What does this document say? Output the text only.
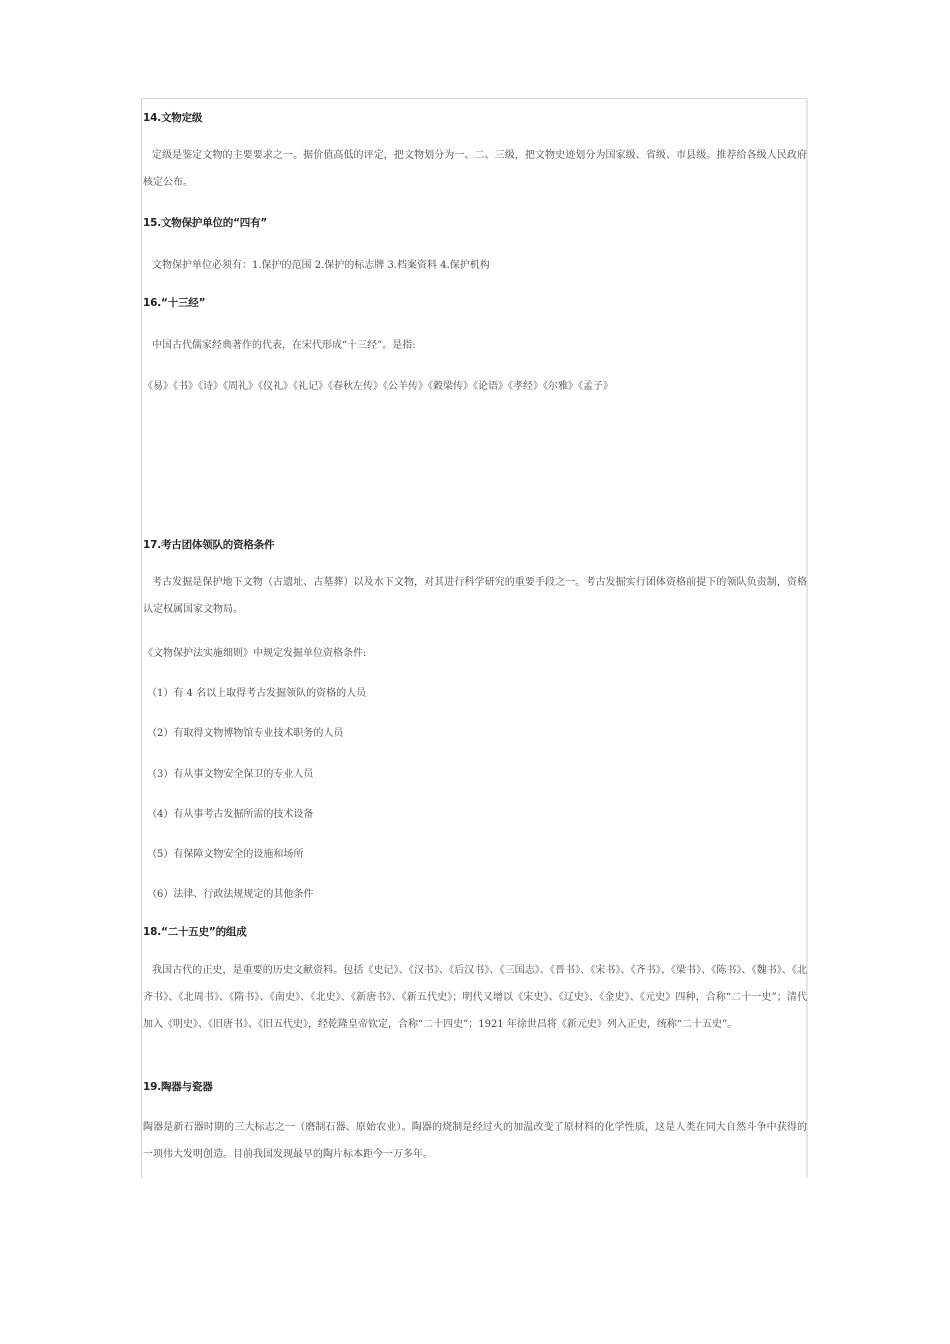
14.文物定级

定级是鉴定文物的主要要求之一。据价值高低的评定，把文物划分为一、二、三级，把文物史迹划分为国家级、省级、市县级。推荐给各级人民政府核定公布。

15.文物保护单位的“四有”
文物保护单位必须有：1.保护的范围 2.保护的标志牌 3.档案资料 4.保护机构
16.“十三经”
中国古代儒家经典著作的代表，在宋代形成“十三经”。是指:
《易》《书》《诗》《周礼》《仪礼》《礼记》《春秋左传》《公羊传》《穀梁传》《论语》《孝经》《尔雅》《孟子》
17.考古团体领队的资格条件

考古发掘是保护地下文物（古遗址、古墓葬）以及水下文物，对其进行科学研究的重要手段之一。考古发掘实行团体资格前提下的领队负责制，资格认定权属国家文物局。

《文物保护法实施细则》中规定发掘单位资格条件:
（1）有 4 名以上取得考古发掘领队的资格的人员
（2）有取得文物博物馆专业技术职务的人员
（3）有从事文物安全保卫的专业人员
（4）有从事考古发掘所需的技术设备
（5）有保障文物安全的设施和场所
（6）法律、行政法规规定的其他条件
18.“二十五史”的组成

我国古代的正史，是重要的历史文献资料。包括《史记》、《汉书》、《后汉书》、《三国志》、《晋书》、《宋书》、《齐书》、《梁书》、《陈书》、《魏书》、《北齐书》、《北周书》、《隋书》、《南史》、《北史》、《新唐书》、《新五代史》；明代又增以《宋史》、《辽史》、《金史》、《元史》四种，合称“二十一史”；清代加入《明史》、《旧唐书》、《旧五代史》，经乾隆皇帝钦定，合称“二十四史”；1921 年徐世昌将《新元史》列入正史，统称“二十五史”。

19.陶器与瓷器

陶器是新石器时期的三大标志之一（磨制石器、原始农业）。陶器的烧制是经过火的加温改变了原材料的化学性质，这是人类在同大自然斗争中获得的一项伟大发明创造。目前我国发现最早的陶片标本距今一万多年。
